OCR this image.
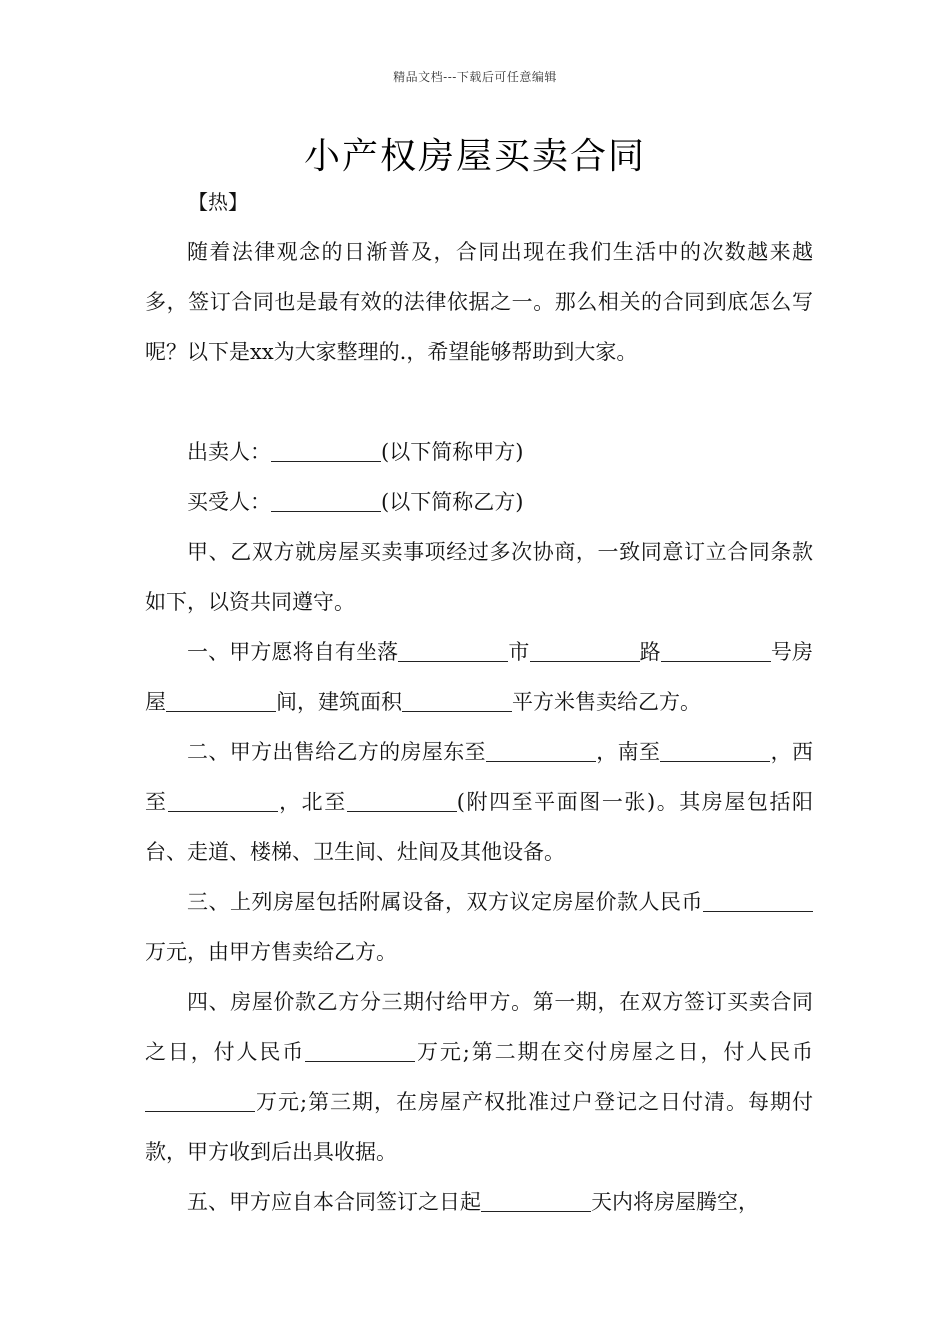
精品文档---下载后可任意编辑
小产权房屋买卖合同
【热】

随着法律观念的日渐普及，合同出现在我们生活中的次数越来越多，签订合同也是最有效的法律依据之一。那么相关的合同到底怎么写呢？以下是xx为大家整理的.，希望能够帮助到大家。

出卖人：	(以下简称甲方)

买受人：	(以下简称乙方)

甲、乙双方就房屋买卖事项经过多次协商，一致同意订立合同条款如下，以资共同遵守。

一、甲方愿将自有坐落	市	路	号房屋	间，建筑面积	平方米售卖给乙方。

二、甲方出售给乙方的房屋东至	，南至	，西至	，北至	(附四至平面图一张)。其房屋包括阳台、走道、楼梯、卫生间、灶间及其他设备。

三、上列房屋包括附属设备，双方议定房屋价款人民币万元，由甲方售卖给乙方。

四、房屋价款乙方分三期付给甲方。第一期，在双方签订买卖合同之日，付人民币	万元;第二期在交付房屋之日，付人民币万元;第三期，在房屋产权批准过户登记之日付清。每期付款，甲方收到后出具收据。

五、甲方应自本合同签订之日起	天内将房屋腾空，
